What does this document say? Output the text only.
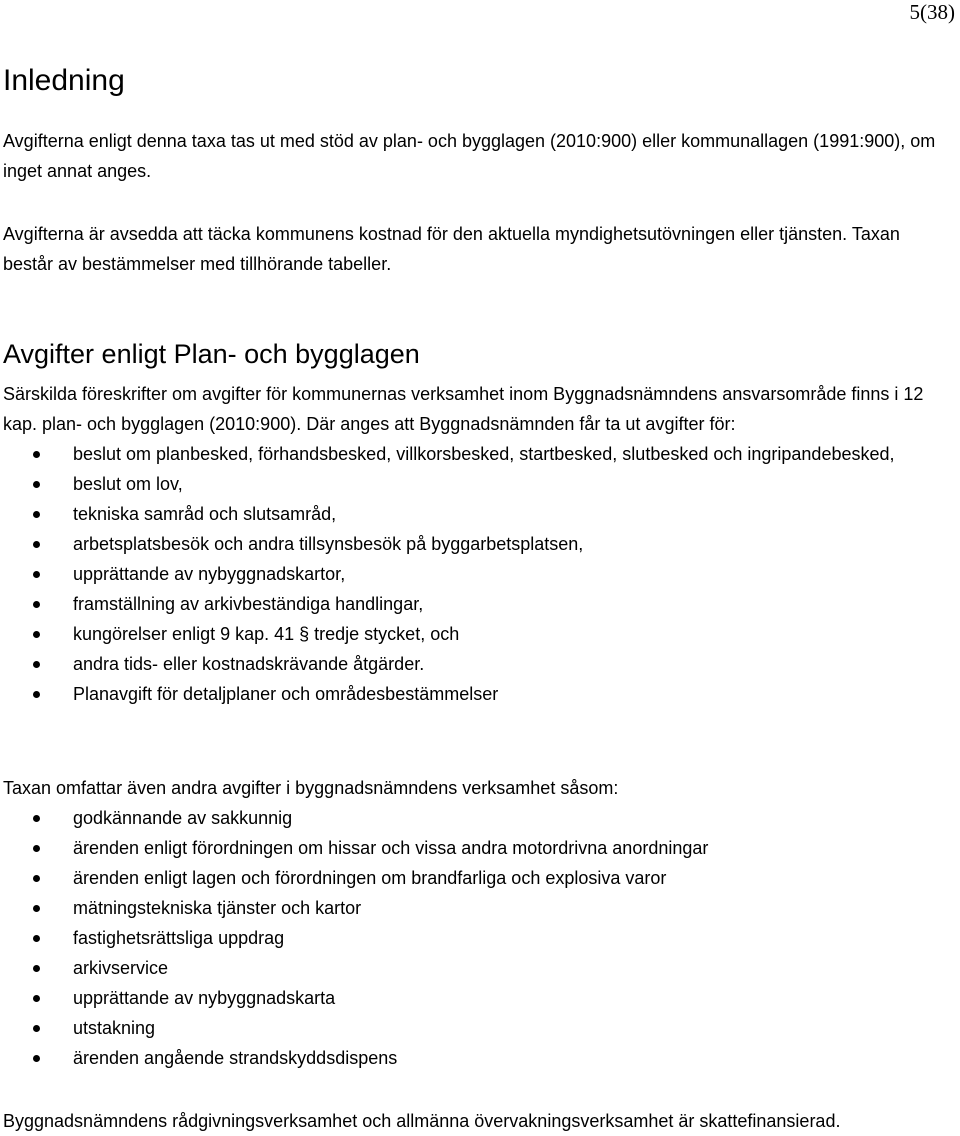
5(38)
Inledning

Avgifterna enligt denna taxa tas ut med stöd av plan- och bygglagen (2010:900) eller kommunallagen (1991:900), om inget annat anges.

Avgifterna är avsedda att täcka kommunens kostnad för den aktuella myndighetsutövningen eller tjänsten. Taxan består av bestämmelser med tillhörande tabeller.

Avgifter enligt Plan- och bygglagen

Särskilda föreskrifter om avgifter för kommunernas verksamhet inom Byggnadsnämndens ansvarsområde finns i 12 kap. plan- och bygglagen (2010:900). Där anges att Byggnadsnämnden får ta ut avgifter för:

beslut om planbesked, förhandsbesked, villkorsbesked, startbesked, slutbesked och ingripandebesked,
beslut om lov,
tekniska samråd och slutsamråd,
arbetsplatsbesök och andra tillsynsbesök på byggarbetsplatsen,
upprättande av nybyggnadskartor,
framställning av arkivbeständiga handlingar,
kungörelser enligt 9 kap. 41 § tredje stycket, och
andra tids- eller kostnadskrävande åtgärder.
Planavgift för detaljplaner och områdesbestämmelser

Taxan omfattar även andra avgifter i byggnadsnämndens verksamhet såsom:

godkännande av sakkunnig
ärenden enligt förordningen om hissar och vissa andra motordrivna anordningar
ärenden enligt lagen och förordningen om brandfarliga och explosiva varor
mätningstekniska tjänster och kartor
fastighetsrättsliga uppdrag
arkivservice
upprättande av nybyggnadskarta
utstakning
ärenden angående strandskyddsdispens

Byggnadsnämndens rådgivningsverksamhet och allmänna övervakningsverksamhet är skattefinansierad.
